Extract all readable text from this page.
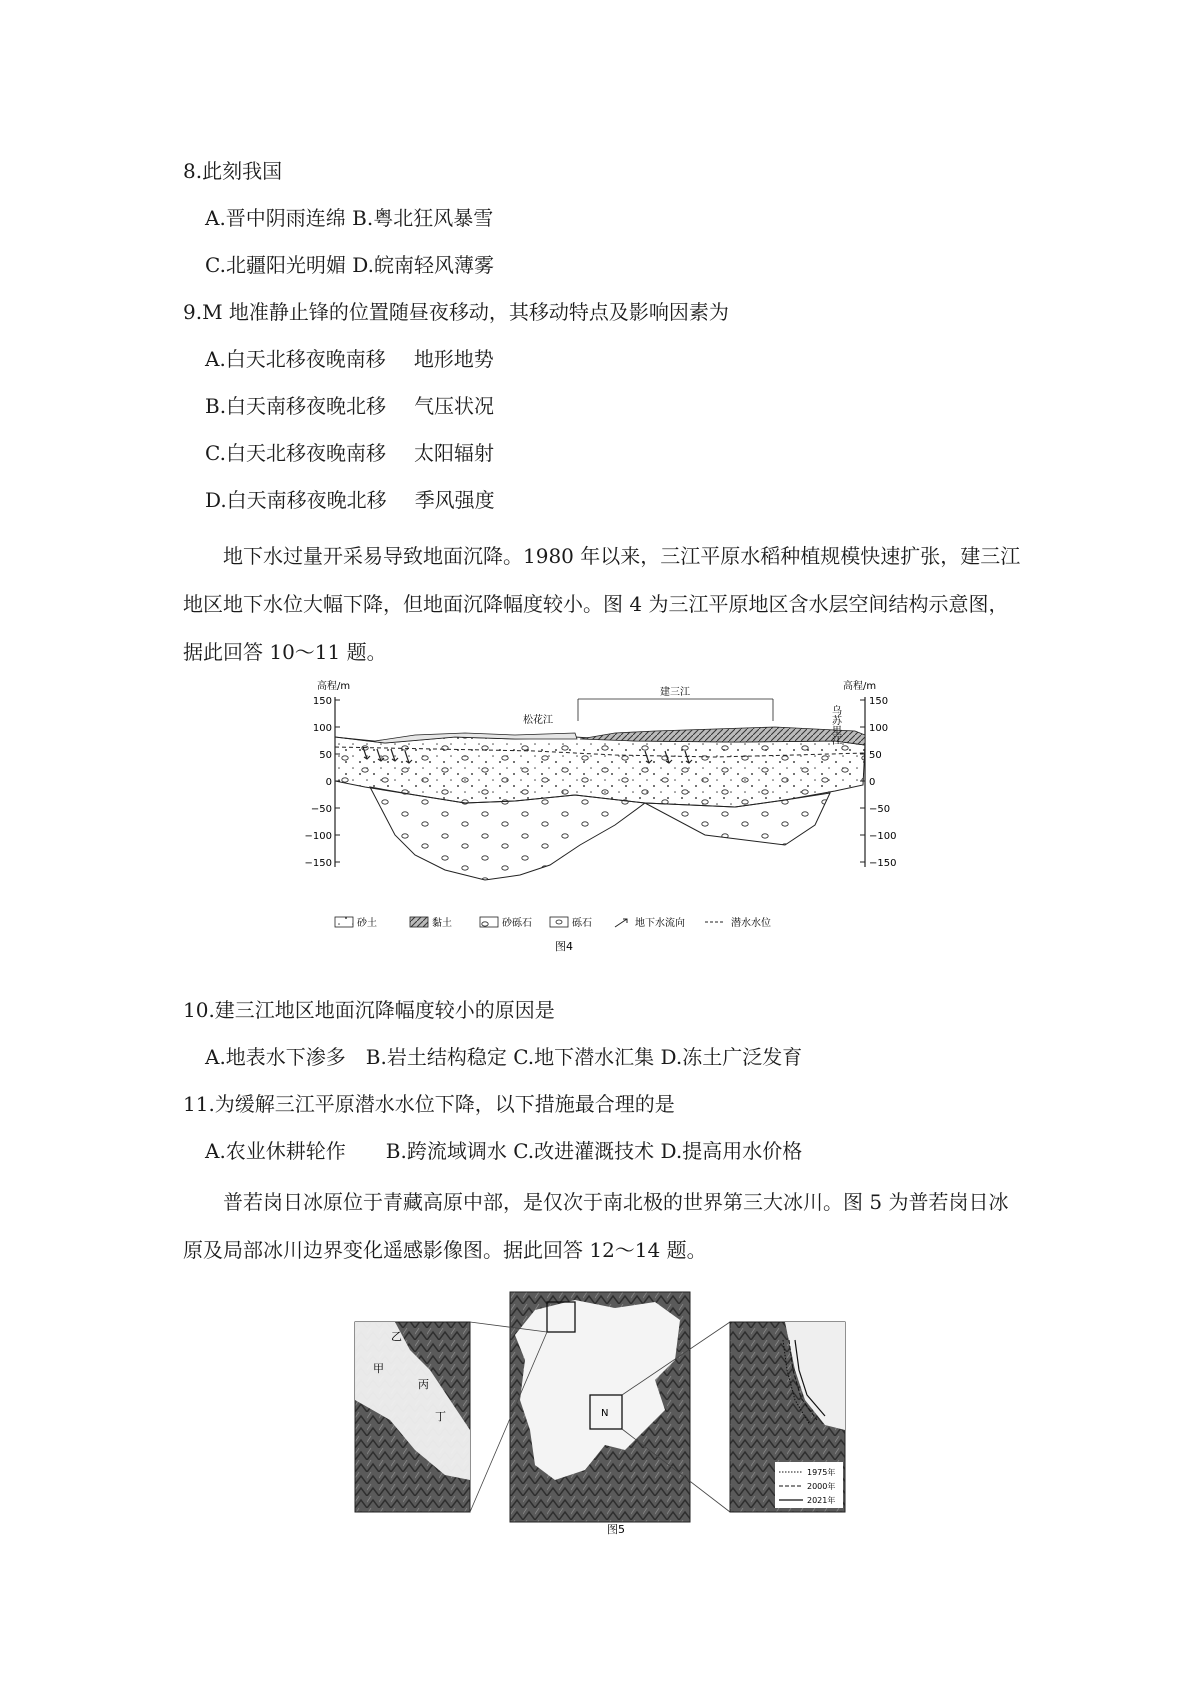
8.此刻我国
A.晋中阴雨连绵 B.粤北狂风暴雪
C.北疆阳光明媚 D.皖南轻风薄雾
9.M 地准静止锋的位置随昼夜移动，其移动特点及影响因素为
A.白天北移夜晚南移 地形地势
B.白天南移夜晚北移 气压状况
C.白天北移夜晚南移 太阳辐射
D.白天南移夜晚北移 季风强度
地下水过量开采易导致地面沉降。1980 年以来，三江平原水稻种植规模快速扩张，建三江地区地下水位大幅下降，但地面沉降幅度较小。图 4 为三江平原地区含水层空间结构示意图，据此回答 10～11 题。
高程/m	高程/m
150
100
50
0
−50
−100
−150
150
100
50
0
−50
−100
−150
松花江
建三江
乌苏里江
砂土	黏土	砂砾石	砾石	地下水流向	潜水水位
图4
10.建三江地区地面沉降幅度较小的原因是
A.地表水下渗多　B.岩土结构稳定 C.地下潜水汇集 D.冻土广泛发育
11.为缓解三江平原潜水水位下降，以下措施最合理的是
A.农业休耕轮作　　B.跨流域调水 C.改进灌溉技术 D.提高用水价格
普若岗日冰原位于青藏高原中部，是仅次于南北极的世界第三大冰川。图 5 为普若岗日冰原及局部冰川边界变化遥感影像图。据此回答 12～14 题。
乙
甲
丙
丁	N
1975年
2000年
2021年
图5
